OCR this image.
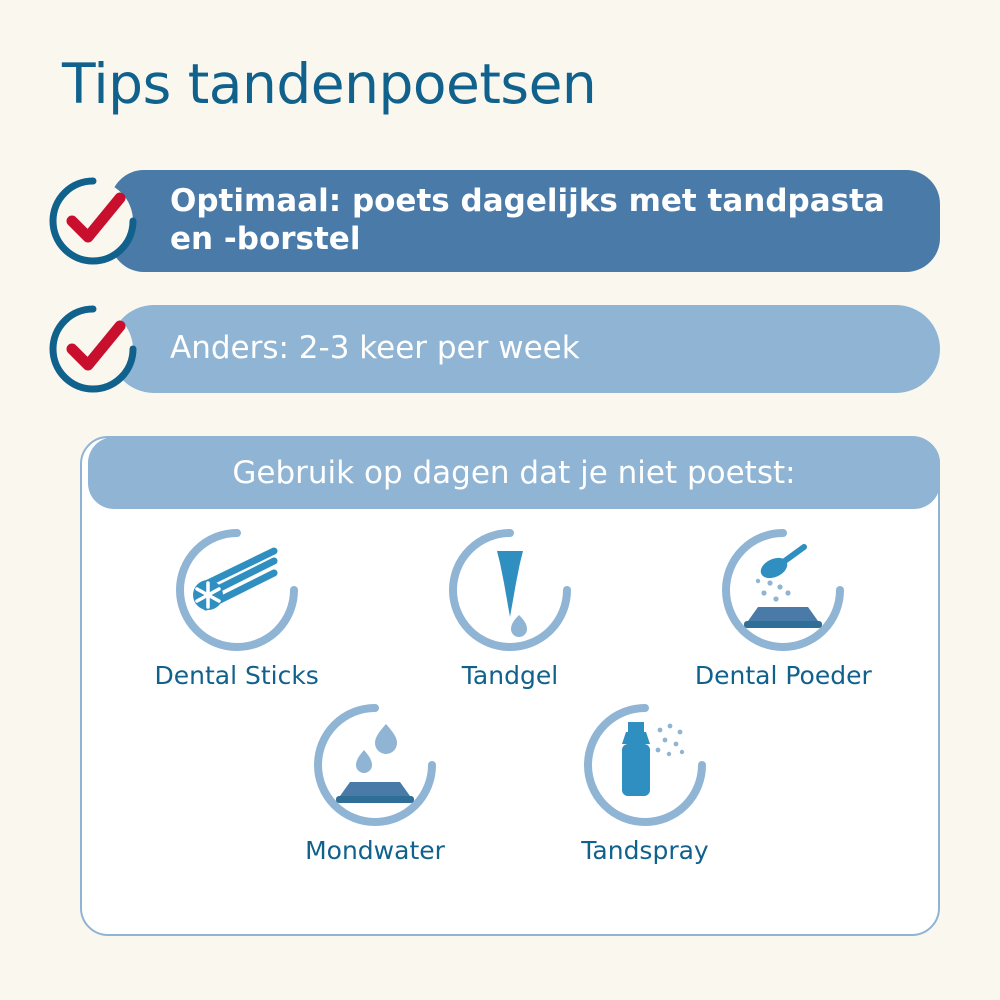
Tips tandenpoetsen
Optimaal: poets dagelijks met tandpasta en -borstel
Anders: 2-3 keer per week
Gebruik op dagen dat je niet poetst:
Dental Sticks	Tandgel	Dental Poeder
Mondwater	Tandspray
